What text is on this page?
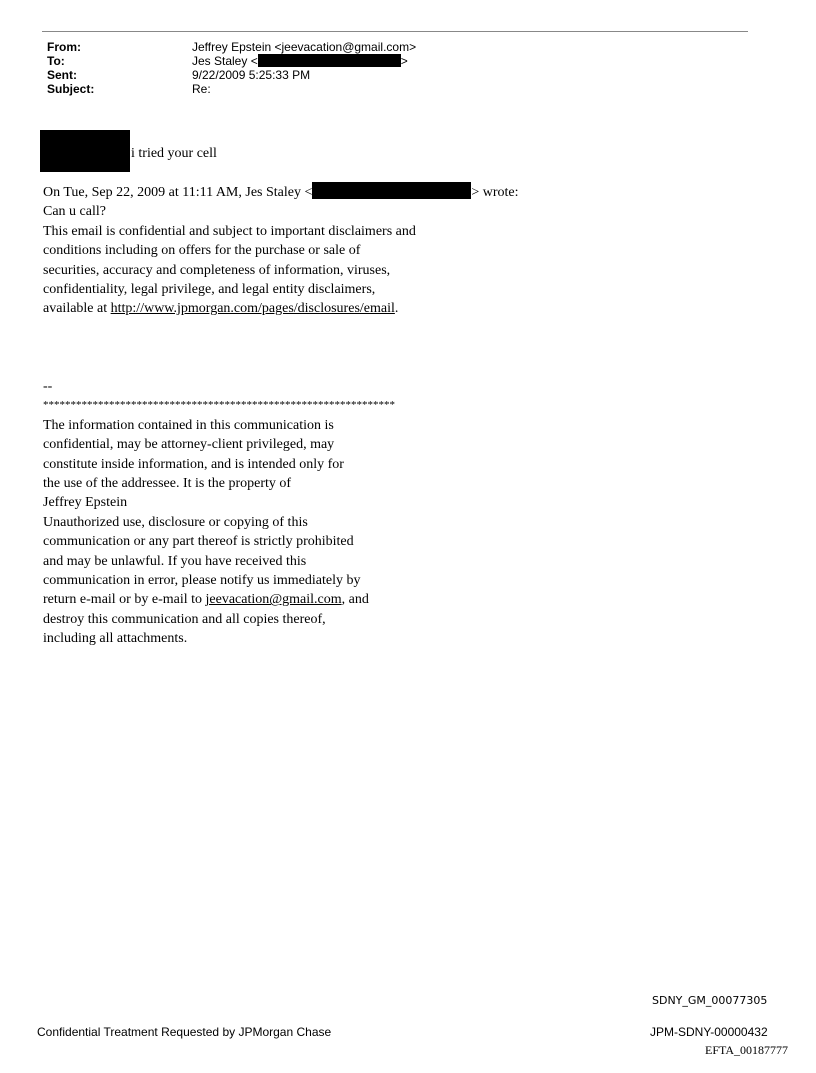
From:	Jeffrey Epstein <jeevacation@gmail.com>
To:	Jes Staley <	>
Sent:	9/22/2009 5:25:33 PM
Subject:	Re:
i tried your cell
On Tue, Sep 22, 2009 at 11:11 AM, Jes Staley <	> wrote:
Can u call?
This email is confidential and subject to important disclaimers and
conditions including on offers for the purchase or sale of
securities, accuracy and completeness of information, viruses,
confidentiality, legal privilege, and legal entity disclaimers,
available at http://www.jpmorgan.com/pages/disclosures/email.
--
****************************************************************
The information contained in this communication is
confidential, may be attorney-client privileged, may
constitute inside information, and is intended only for
the use of the addressee. It is the property of
Jeffrey Epstein
Unauthorized use, disclosure or copying of this
communication or any part thereof is strictly prohibited
and may be unlawful. If you have received this
communication in error, please notify us immediately by
return e-mail or by e-mail to jeevacation@gmail.com, and
destroy this communication and all copies thereof,
including all attachments.
SDNY_GM_00077305
Confidential Treatment Requested by JPMorgan Chase	JPM-SDNY-00000432
EFTA_00187777
